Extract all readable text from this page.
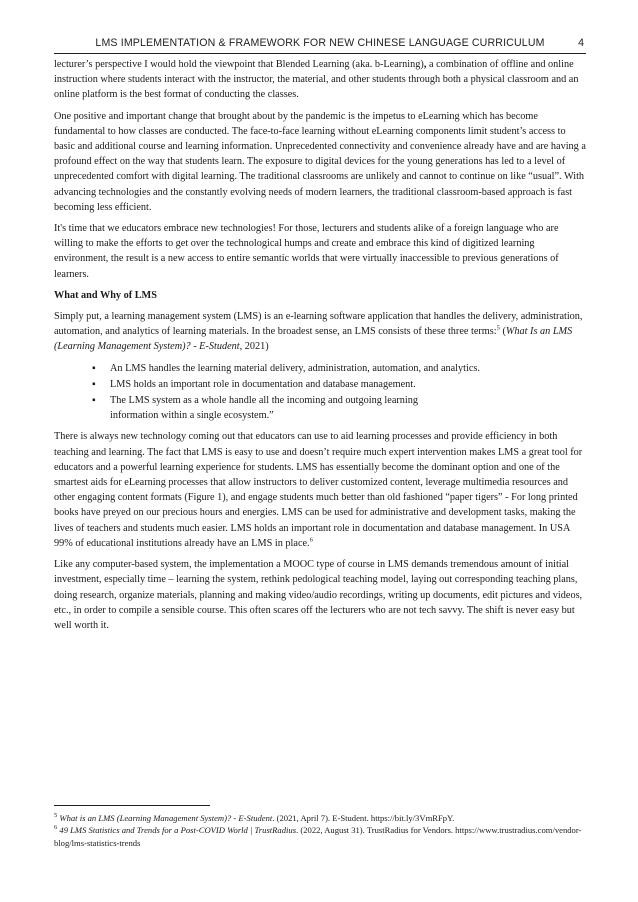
LMS IMPLEMENTATION & FRAMEWORK FOR NEW CHINESE LANGUAGE CURRICULUM	4

lecturer’s perspective I would hold the viewpoint that Blended Learning (aka. b-Learning), a combination of offline and online instruction where students interact with the instructor, the material, and other students through both a physical classroom and an online platform is the best format of conducting the classes.

One positive and important change that brought about by the pandemic is the impetus to eLearning which has become fundamental to how classes are conducted. The face-to-face learning without eLearning components limit student’s access to basic and additional course and learning information. Unprecedented connectivity and convenience already have and are having a profound effect on the way that students learn. The exposure to digital devices for the young generations has led to a level of unprecedented comfort with digital learning. The traditional classrooms are unlikely and cannot to continue on like “usual”. With advancing technologies and the constantly evolving needs of modern learners, the traditional classroom-based approach is fast becoming less efficient.

It's time that we educators embrace new technologies! For those, lecturers and students alike of a foreign language who are willing to make the efforts to get over the technological humps and create and embrace this kind of digitized learning environment, the result is a new access to entire semantic worlds that were virtually inaccessible to previous generations of learners.

What and Why of LMS

Simply put, a learning management system (LMS) is an e-learning software application that handles the delivery, administration, automation, and analytics of learning materials. In the broadest sense, an LMS consists of these three terms:$^5$ (What Is an LMS (Learning Management System)? - E-Student, 2021)

▪ An LMS handles the learning material delivery, administration, automation, and analytics.
▪ LMS holds an important role in documentation and database management.
▪ The LMS system as a whole handle all the incoming and outgoing learning information within a single ecosystem.”

There is always new technology coming out that educators can use to aid learning processes and provide efficiency in both teaching and learning. The fact that LMS is easy to use and doesn’t require much expert intervention makes LMS a great tool for educators and a powerful learning experience for students. LMS has essentially become the dominant option and one of the smartest aids for eLearning processes that allow instructors to deliver customized content, leverage multimedia resources and other engaging content formats (Figure 1), and engage students much better than old fashioned “paper tigers” - For long printed books have preyed on our precious hours and energies. LMS can be used for administrative and development tasks, making the lives of teachers and students much easier. LMS holds an important role in documentation and database management. In USA 99% of educational institutions already have an LMS in place.$^6$

Like any computer-based system, the implementation a MOOC type of course in LMS demands tremendous amount of initial investment, especially time – learning the system, rethink pedological teaching model, laying out corresponding teaching plans, doing research, organize materials, planning and making video/audio recordings, writing up documents, edit pictures and videos, etc., in order to compile a sensible course. This often scares off the lecturers who are not tech savvy. The shift is never easy but well worth it.

$^5$ What is an LMS (Learning Management System)? - E-Student. (2021, April 7). E-Student. https://bit.ly/3VmRFpY.

$^6$ 49 LMS Statistics and Trends for a Post-COVID World | TrustRadius. (2022, August 31). TrustRadius for Vendors. https://www.trustradius.com/vendor-blog/lms-statistics-trends
